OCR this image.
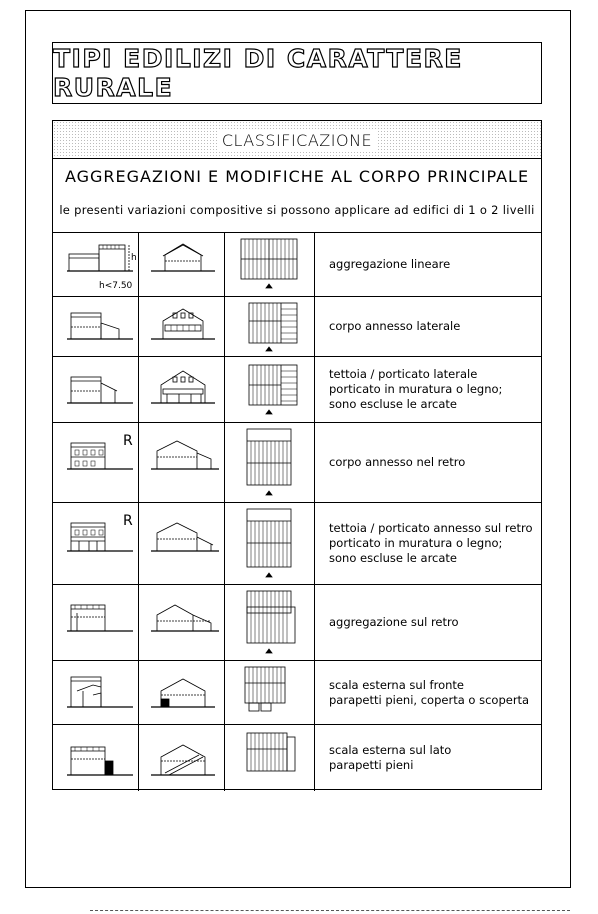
TIPI EDILIZI DI CARATTERE RURALE
CLASSIFICAZIONE
AGGREGAZIONI E MODIFICHE AL CORPO PRINCIPALE
le presenti variazioni compositive si possono applicare ad edifici di 1 o 2 livelli
h
h<7.50
aggregazione lineare
corpo annesso laterale
tettoia / porticato laterale
porticato in muratura o legno;
sono escluse le arcate
R
corpo annesso nel retro
R	tettoia / porticato annesso sul retro
porticato in muratura o legno;
sono escluse le arcate
aggregazione sul retro
scala esterna sul fronte
parapetti pieni, coperta o scoperta
scala esterna sul lato
parapetti pieni
